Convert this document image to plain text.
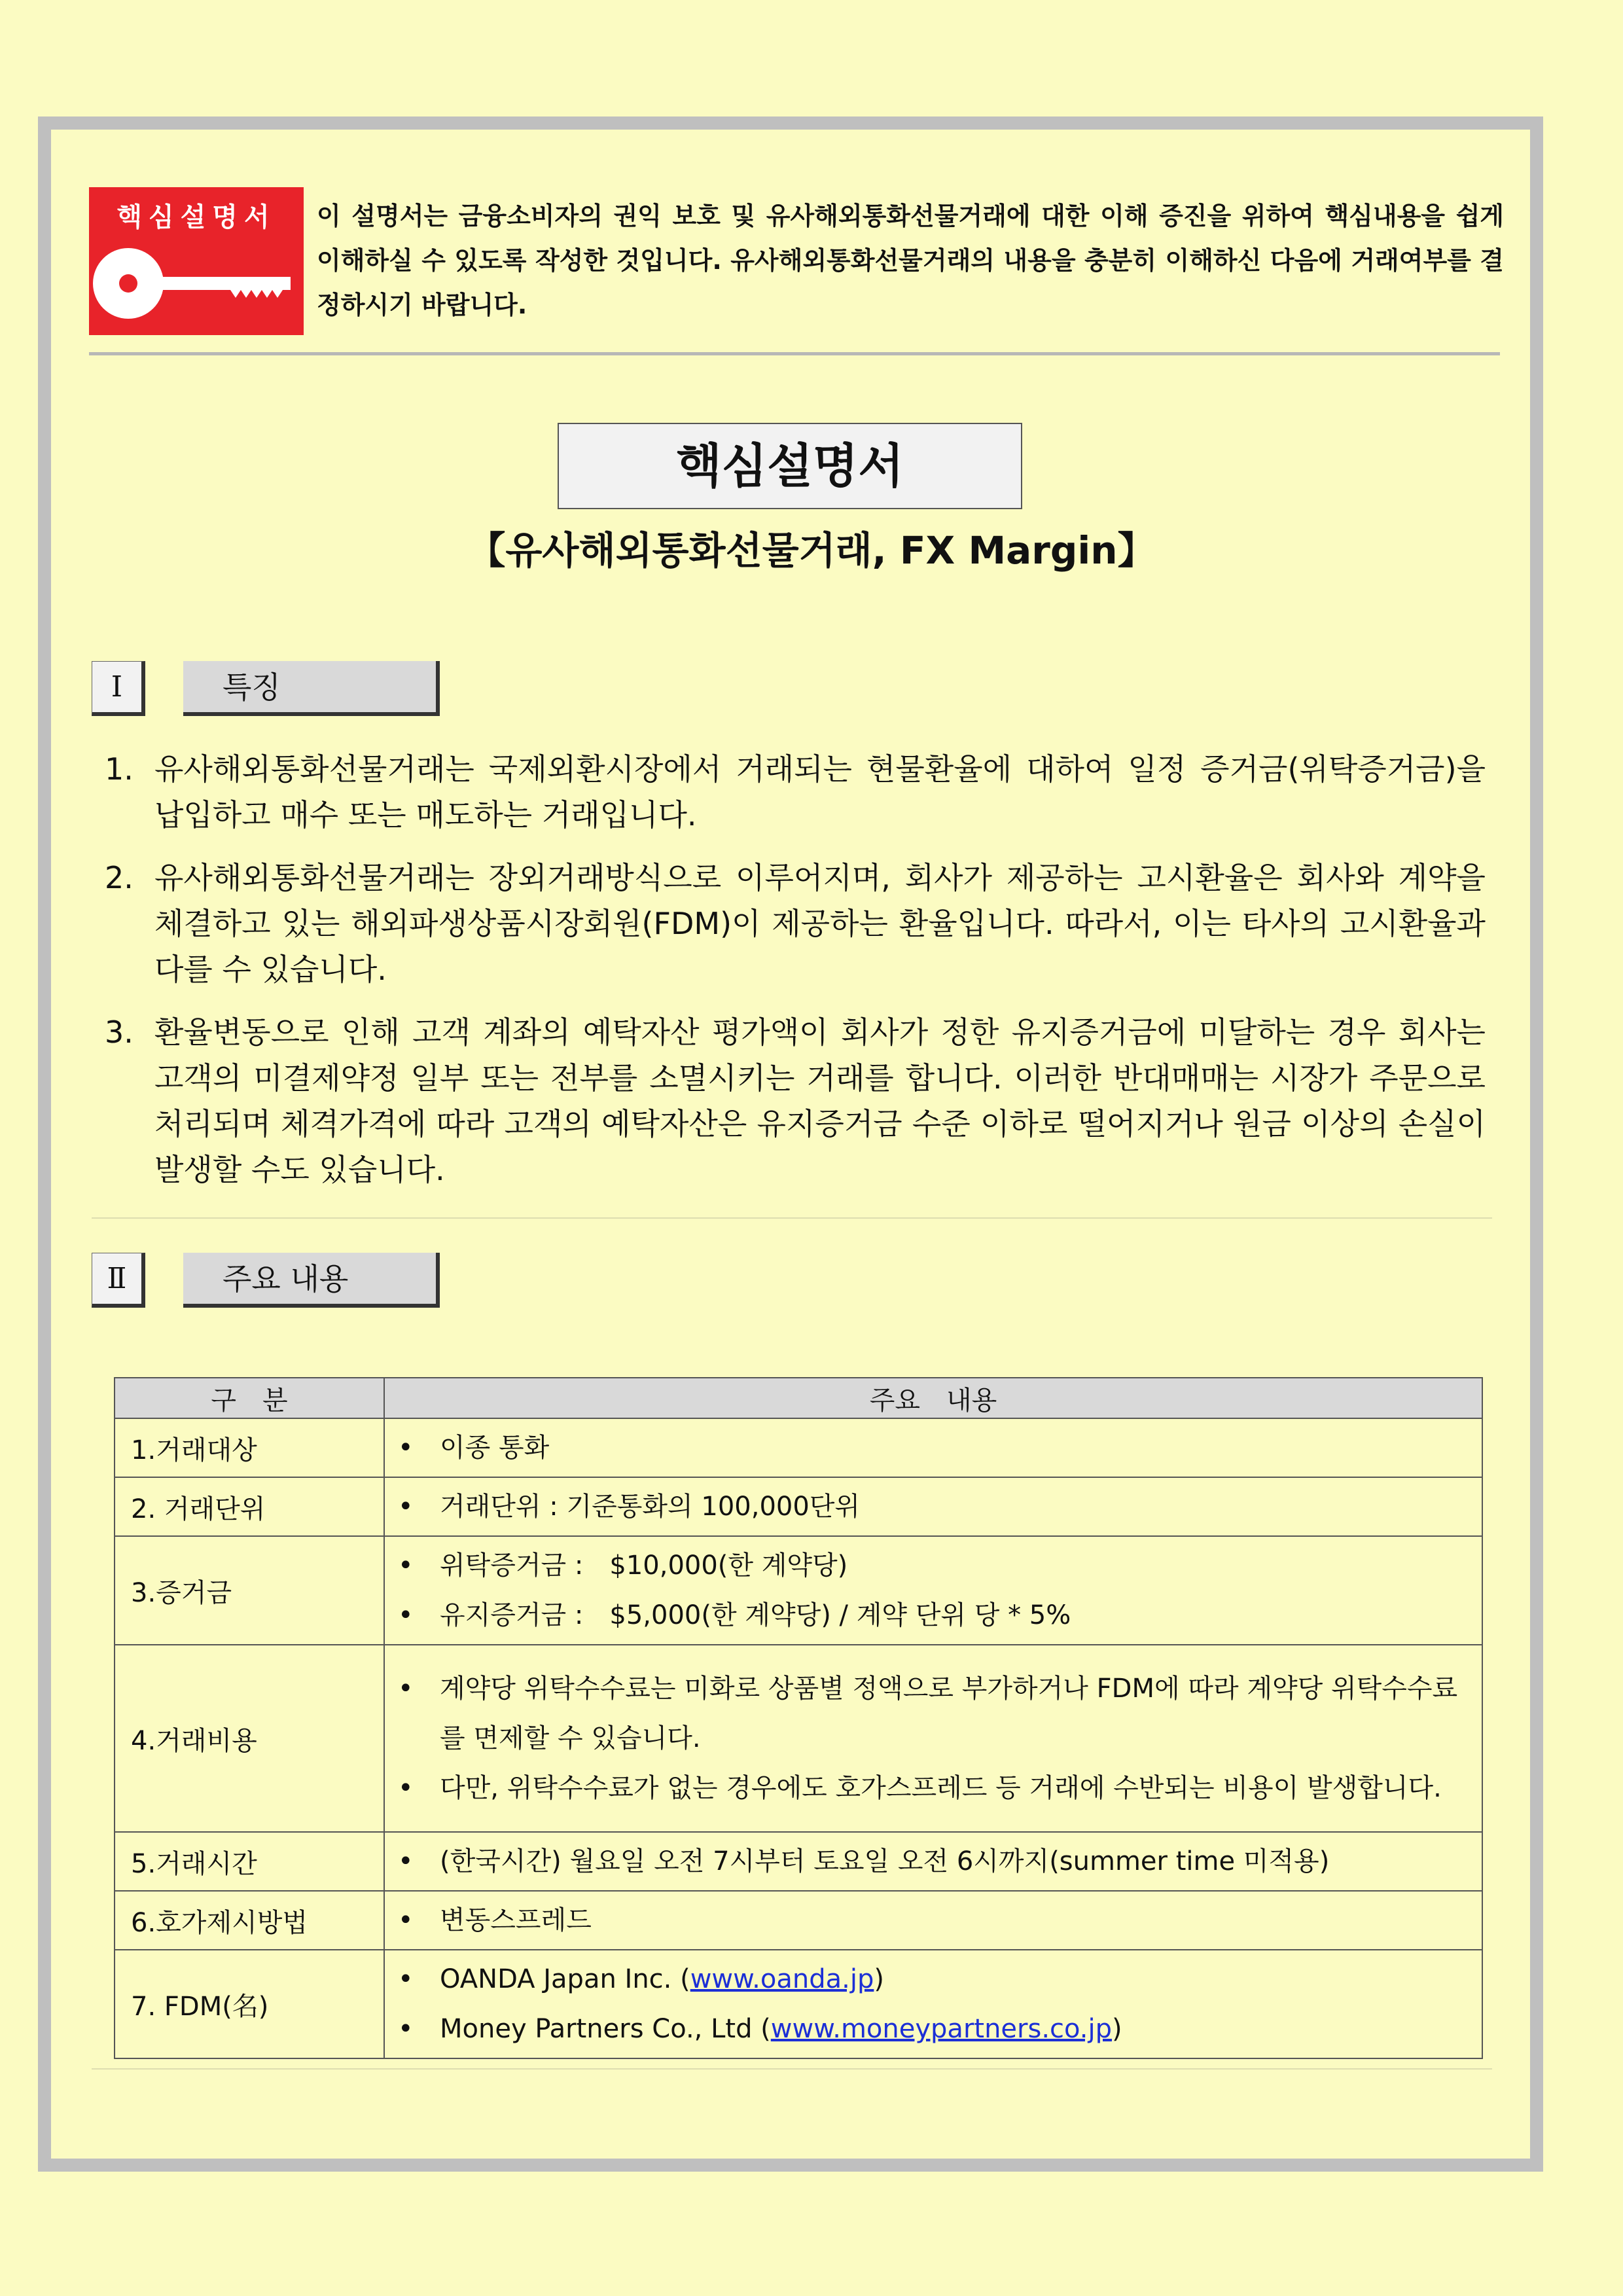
핵심설명서	이 설명서는 금융소비자의 권익 보호 및 유사해외통화선물거래에 대한 이해 증진을 위하여 핵심내용을 쉽게 이해하실 수 있도록 작성한 것입니다. 유사해외통화선물거래의 내용을 충분히 이해하신 다음에 거래여부를 결정하시기 바랍니다.
핵심설명서
【유사해외통화선물거래, FX Margin】
Ⅰ	특징
1. 유사해외통화선물거래는 국제외환시장에서 거래되는 현물환율에 대하여 일정 증거금(위탁증거금)을 납입하고 매수 또는 매도하는 거래입니다.
2. 유사해외통화선물거래는 장외거래방식으로 이루어지며, 회사가 제공하는 고시환율은 회사와 계약을 체결하고 있는 해외파생상품시장회원(FDM)이 제공하는 환율입니다. 따라서, 이는 타사의 고시환율과 다를 수 있습니다.
3. 환율변동으로 인해 고객 계좌의 예탁자산 평가액이 회사가 정한 유지증거금에 미달하는 경우 회사는 고객의 미결제약정 일부 또는 전부를 소멸시키는 거래를 합니다. 이러한 반대매매는 시장가 주문으로 처리되며 체격가격에 따라 고객의 예탁자산은 유지증거금 수준 이하로 떨어지거나 원금 이상의 손실이 발생할 수도 있습니다.
Ⅱ	주요 내용
구　분	주요　내용
1.거래대상	• 이종 통화

2. 거래단위	• 거래단위 : 기준통화의 100,000단위

3.증거금	• 위탁증거금 :　$10,000(한 계약당)
• 유지증거금 :　$5,000(한 계약당) / 계약 단위 당 * 5%

4.거래비용	• 계약당 위탁수수료는 미화로 상품별 정액으로 부가하거나 FDM에 따라 계약당 위탁수수료를 면제할 수 있습니다.
• 다만, 위탁수수료가 없는 경우에도 호가스프레드 등 거래에 수반되는 비용이 발생합니다.

5.거래시간	• (한국시간) 월요일 오전 7시부터 토요일 오전 6시까지(summer time 미적용)

6.호가제시방법	• 변동스프레드

7. FDM(名)	• OANDA Japan Inc. (www.oanda.jp)
• Money Partners Co., Ltd (www.moneypartners.co.jp)
